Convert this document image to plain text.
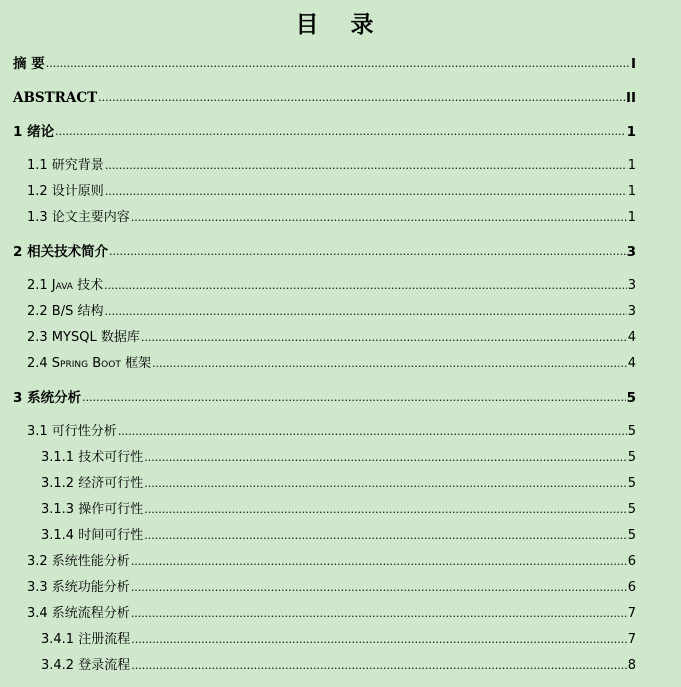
目 录
摘 要 .....	I
ABSTRACT .....	II
1 绪论 .....	1
1.1 研究背景 .....	1
1.2 设计原则 .....	1
1.3 论文主要内容 .....	1
2 相关技术简介 .....	3
2.1 Java 技术 .....	3
2.2 B/S 结构 .....	3
2.3 MYSQL 数据库 .....	4
2.4 Spring Boot 框架 .....	4
3 系统分析 .....	5
3.1 可行性分析 .....	5
3.1.1 技术可行性 .....	5
3.1.2 经济可行性 .....	5
3.1.3 操作可行性 .....	5
3.1.4 时间可行性 .....	5
3.2 系统性能分析 .....	6
3.3 系统功能分析 .....	6
3.4 系统流程分析 .....	7
3.4.1 注册流程 .....	7
3.4.2 登录流程 .....	8
